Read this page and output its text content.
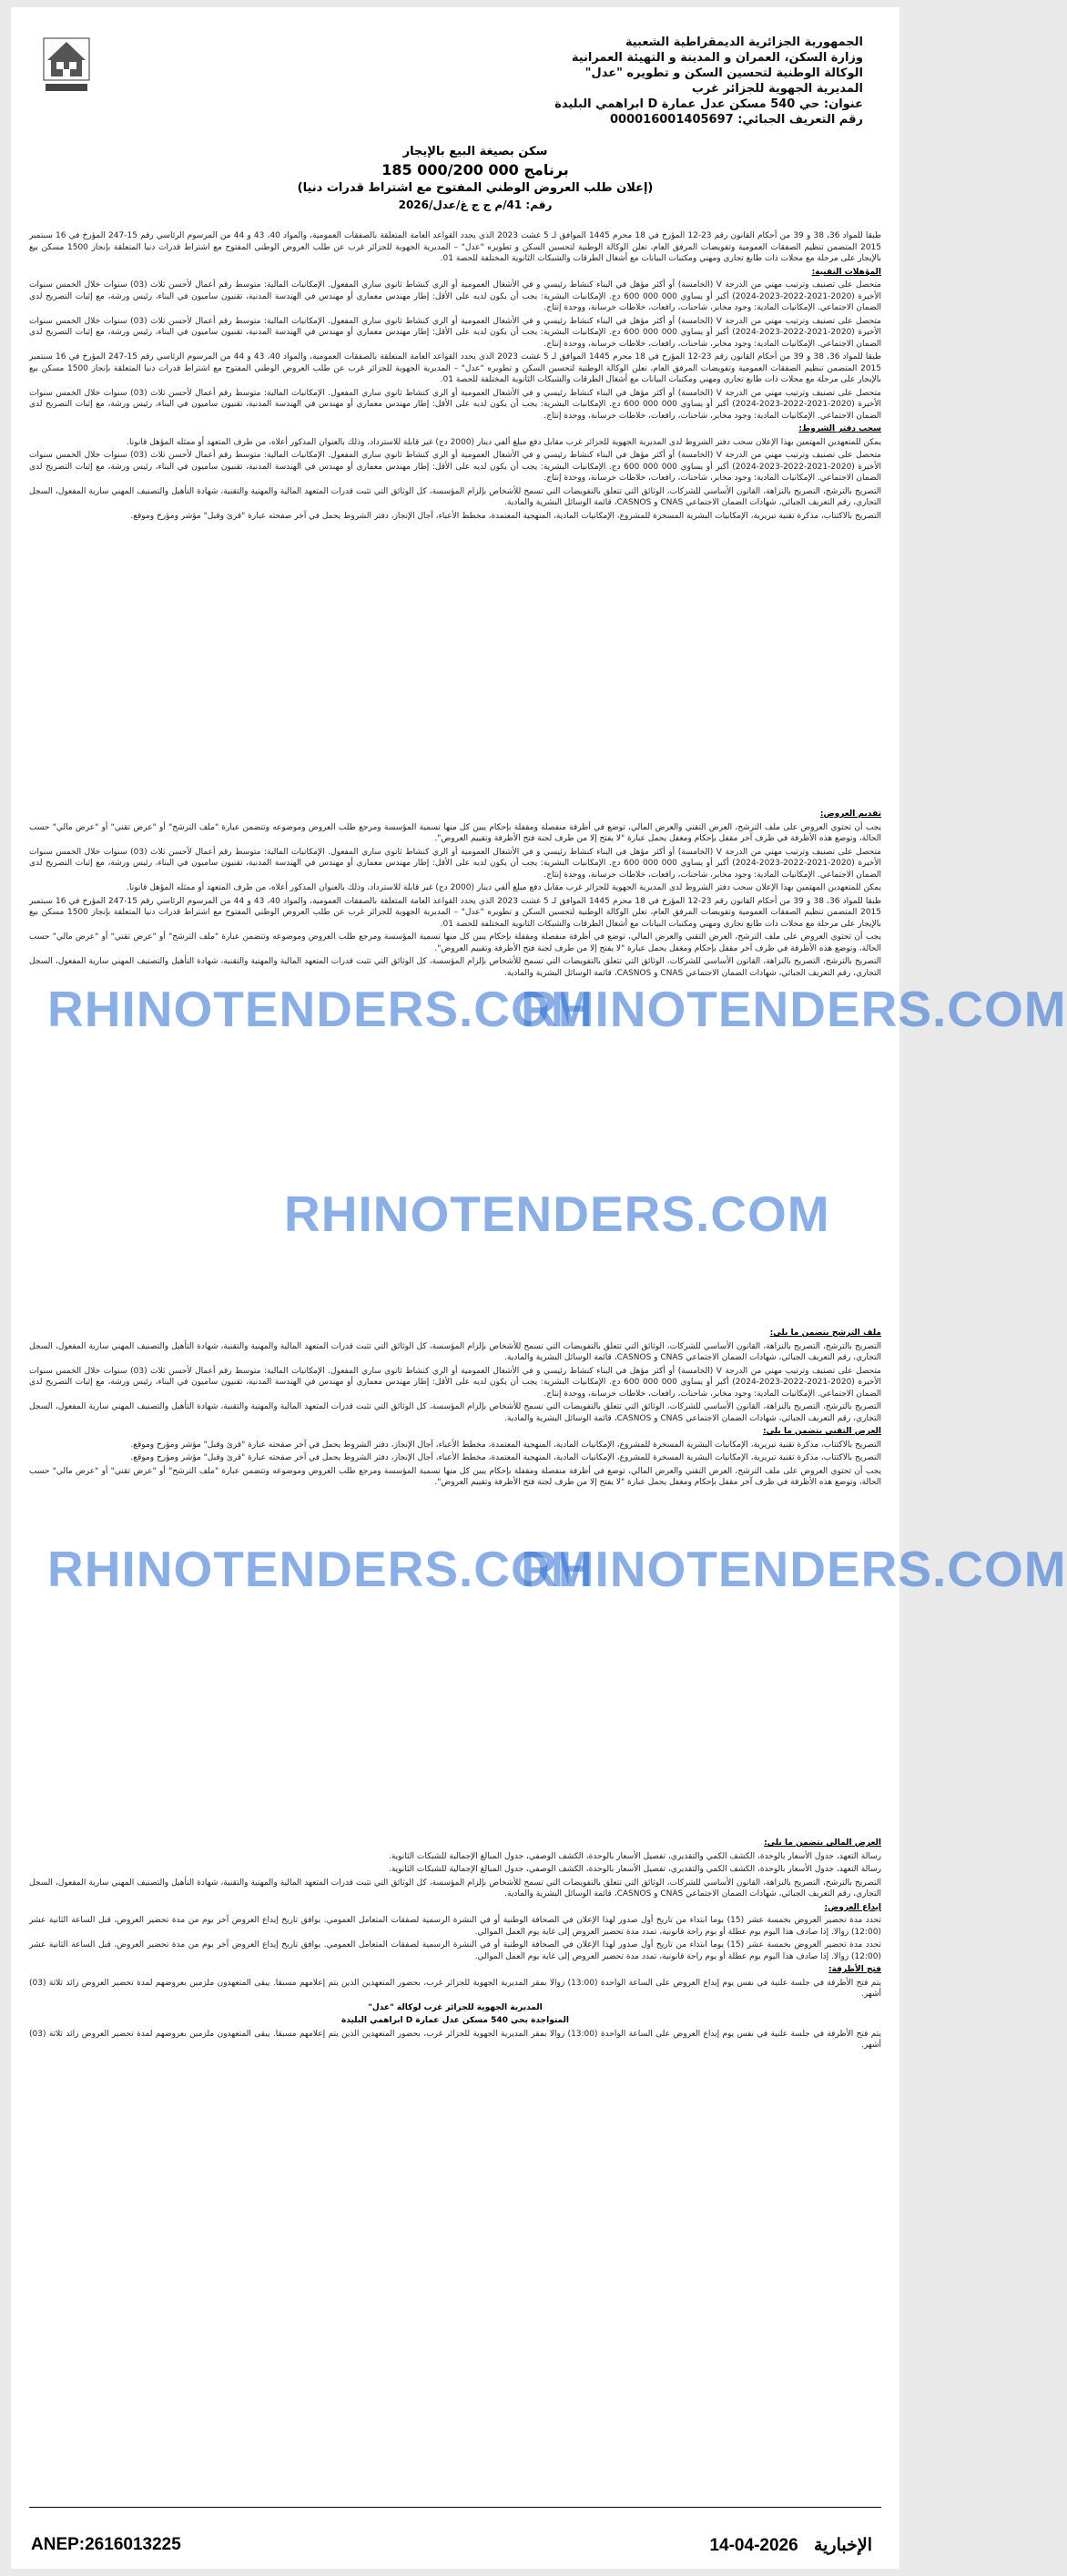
الجمهورية الجزائرية الديمقراطية الشعبية
وزارة السكن، العمران و المدينة و التهيئة العمرانية
الوكالة الوطنية لتحسين السكن و تطويره "عدل"
المديرية الجهوية للجزائر غرب
عنوان: حي 540 مسكن عدل عمارة D ابراهمي البليدة
رقم التعريف الجبائي: 000016001405697
سكن بصيغة البيع بالإيجار
برنامج 000 000/200 185
(إعلان طلب العروض الوطني المفتوح مع اشتراط قدرات دنيا)
رقم: 41/م ج ج غ/عدل/2026

طبقا للمواد 36، 38 و 39 من أحكام القانون رقم 23-12 المؤرخ في 18 محرم 1445 الموافق لـ 5 غشت 2023 الذي يحدد القواعد العامة المتعلقة بالصفقات العمومية، والمواد 40، 43 و 44 من المرسوم الرئاسي رقم 15-247 المؤرخ في 16 سبتمبر 2015 المتضمن تنظيم الصفقات العمومية وتفويضات المرفق العام، تعلن الوكالة الوطنية لتحسين السكن و تطويره "عدل" – المديرية الجهوية للجزائر غرب عن طلب العروض الوطني المفتوح مع اشتراط قدرات دنيا المتعلقة بإنجاز 1500 مسكن بيع بالإيجار على مرحلة مع محلات ذات طابع تجاري ومهني ومكتبات البيانات مع أشغال الطرقات والشبكات الثانوية المختلفة للحصة 01.

المؤهلات التقنية:

متحصل على تصنيف وترتيب مهني من الدرجة V (الخامسة) أو أكثر مؤهل في البناء كنشاط رئيسي و في الأشغال العمومية أو الري كنشاط ثانوي ساري المفعول. الإمكانيات المالية: متوسط رقم أعمال لأحسن ثلاث (03) سنوات خلال الخمس سنوات الأخيرة (2020-2021-2022-2023-2024) أكبر أو يساوي 000 000 600 دج. الإمكانيات البشرية: يجب أن يكون لديه على الأقل: إطار مهندس معماري أو مهندس في الهندسة المدنية، تقنيون ساميون في البناء، رئيس ورشة، مع إثبات التصريح لدى الضمان الاجتماعي. الإمكانيات المادية: وجود مخابر، شاحنات، رافعات، خلاطات خرسانة، ووحدة إنتاج.

متحصل على تصنيف وترتيب مهني من الدرجة V (الخامسة) أو أكثر مؤهل في البناء كنشاط رئيسي و في الأشغال العمومية أو الري كنشاط ثانوي ساري المفعول. الإمكانيات المالية: متوسط رقم أعمال لأحسن ثلاث (03) سنوات خلال الخمس سنوات الأخيرة (2020-2021-2022-2023-2024) أكبر أو يساوي 000 000 600 دج. الإمكانيات البشرية: يجب أن يكون لديه على الأقل: إطار مهندس معماري أو مهندس في الهندسة المدنية، تقنيون ساميون في البناء، رئيس ورشة، مع إثبات التصريح لدى الضمان الاجتماعي. الإمكانيات المادية: وجود مخابر، شاحنات، رافعات، خلاطات خرسانة، ووحدة إنتاج.

طبقا للمواد 36، 38 و 39 من أحكام القانون رقم 23-12 المؤرخ في 18 محرم 1445 الموافق لـ 5 غشت 2023 الذي يحدد القواعد العامة المتعلقة بالصفقات العمومية، والمواد 40، 43 و 44 من المرسوم الرئاسي رقم 15-247 المؤرخ في 16 سبتمبر 2015 المتضمن تنظيم الصفقات العمومية وتفويضات المرفق العام، تعلن الوكالة الوطنية لتحسين السكن و تطويره "عدل" – المديرية الجهوية للجزائر غرب عن طلب العروض الوطني المفتوح مع اشتراط قدرات دنيا المتعلقة بإنجاز 1500 مسكن بيع بالإيجار على مرحلة مع محلات ذات طابع تجاري ومهني ومكتبات البيانات مع أشغال الطرقات والشبكات الثانوية المختلفة للحصة 01.

متحصل على تصنيف وترتيب مهني من الدرجة V (الخامسة) أو أكثر مؤهل في البناء كنشاط رئيسي و في الأشغال العمومية أو الري كنشاط ثانوي ساري المفعول. الإمكانيات المالية: متوسط رقم أعمال لأحسن ثلاث (03) سنوات خلال الخمس سنوات الأخيرة (2020-2021-2022-2023-2024) أكبر أو يساوي 000 000 600 دج. الإمكانيات البشرية: يجب أن يكون لديه على الأقل: إطار مهندس معماري أو مهندس في الهندسة المدنية، تقنيون ساميون في البناء، رئيس ورشة، مع إثبات التصريح لدى الضمان الاجتماعي. الإمكانيات المادية: وجود مخابر، شاحنات، رافعات، خلاطات خرسانة، ووحدة إنتاج.

سحب دفتر الشروط:

يمكن للمتعهدين المهتمين بهذا الإعلان سحب دفتر الشروط لدى المديرية الجهوية للجزائر غرب مقابل دفع مبلغ ألفي دينار (2000 دج) غير قابلة للاسترداد، وذلك بالعنوان المذكور أعلاه، من طرف المتعهد أو ممثله المؤهل قانونا.

متحصل على تصنيف وترتيب مهني من الدرجة V (الخامسة) أو أكثر مؤهل في البناء كنشاط رئيسي و في الأشغال العمومية أو الري كنشاط ثانوي ساري المفعول. الإمكانيات المالية: متوسط رقم أعمال لأحسن ثلاث (03) سنوات خلال الخمس سنوات الأخيرة (2020-2021-2022-2023-2024) أكبر أو يساوي 000 000 600 دج. الإمكانيات البشرية: يجب أن يكون لديه على الأقل: إطار مهندس معماري أو مهندس في الهندسة المدنية، تقنيون ساميون في البناء، رئيس ورشة، مع إثبات التصريح لدى الضمان الاجتماعي. الإمكانيات المادية: وجود مخابر، شاحنات، رافعات، خلاطات خرسانة، ووحدة إنتاج.

التصريح بالترشح، التصريح بالنزاهة، القانون الأساسي للشركات، الوثائق التي تتعلق بالتفويضات التي تسمح للأشخاص بإلزام المؤسسة، كل الوثائق التي تثبت قدرات المتعهد المالية والمهنية والتقنية، شهادة التأهيل والتصنيف المهني سارية المفعول، السجل التجاري، رقم التعريف الجبائي، شهادات الضمان الاجتماعي CNAS و CASNOS، قائمة الوسائل البشرية والمادية.

التصريح بالاكتتاب، مذكرة تقنية تبريرية، الإمكانيات البشرية المسخرة للمشروع، الإمكانيات المادية، المنهجية المعتمدة، مخطط الأعباء، آجال الإنجاز، دفتر الشروط يحمل في آخر صفحته عبارة "قرئ وقبل" مؤشر ومؤرخ وموقع.

تقديم العروض:

يجب أن تحتوي العروض على ملف الترشح، العرض التقني والعرض المالي، توضع في أظرفة منفصلة ومقفلة بإحكام يبين كل منها تسمية المؤسسة ومرجع طلب العروض وموضوعه وتتضمن عبارة "ملف الترشح" أو "عرض تقني" أو "عرض مالي" حسب الحالة، وتوضع هذه الأظرفة في ظرف آخر مقفل بإحكام ومغفل يحمل عبارة "لا يفتح إلا من طرف لجنة فتح الأظرفة وتقييم العروض".

متحصل على تصنيف وترتيب مهني من الدرجة V (الخامسة) أو أكثر مؤهل في البناء كنشاط رئيسي و في الأشغال العمومية أو الري كنشاط ثانوي ساري المفعول. الإمكانيات المالية: متوسط رقم أعمال لأحسن ثلاث (03) سنوات خلال الخمس سنوات الأخيرة (2020-2021-2022-2023-2024) أكبر أو يساوي 000 000 600 دج. الإمكانيات البشرية: يجب أن يكون لديه على الأقل: إطار مهندس معماري أو مهندس في الهندسة المدنية، تقنيون ساميون في البناء، رئيس ورشة، مع إثبات التصريح لدى الضمان الاجتماعي. الإمكانيات المادية: وجود مخابر، شاحنات، رافعات، خلاطات خرسانة، ووحدة إنتاج.

يمكن للمتعهدين المهتمين بهذا الإعلان سحب دفتر الشروط لدى المديرية الجهوية للجزائر غرب مقابل دفع مبلغ ألفي دينار (2000 دج) غير قابلة للاسترداد، وذلك بالعنوان المذكور أعلاه، من طرف المتعهد أو ممثله المؤهل قانونا.

طبقا للمواد 36، 38 و 39 من أحكام القانون رقم 23-12 المؤرخ في 18 محرم 1445 الموافق لـ 5 غشت 2023 الذي يحدد القواعد العامة المتعلقة بالصفقات العمومية، والمواد 40، 43 و 44 من المرسوم الرئاسي رقم 15-247 المؤرخ في 16 سبتمبر 2015 المتضمن تنظيم الصفقات العمومية وتفويضات المرفق العام، تعلن الوكالة الوطنية لتحسين السكن و تطويره "عدل" – المديرية الجهوية للجزائر غرب عن طلب العروض الوطني المفتوح مع اشتراط قدرات دنيا المتعلقة بإنجاز 1500 مسكن بيع بالإيجار على مرحلة مع محلات ذات طابع تجاري ومهني ومكتبات البيانات مع أشغال الطرقات والشبكات الثانوية المختلفة للحصة 01.

يجب أن تحتوي العروض على ملف الترشح، العرض التقني والعرض المالي، توضع في أظرفة منفصلة ومقفلة بإحكام يبين كل منها تسمية المؤسسة ومرجع طلب العروض وموضوعه وتتضمن عبارة "ملف الترشح" أو "عرض تقني" أو "عرض مالي" حسب الحالة، وتوضع هذه الأظرفة في ظرف آخر مقفل بإحكام ومغفل يحمل عبارة "لا يفتح إلا من طرف لجنة فتح الأظرفة وتقييم العروض".

التصريح بالترشح، التصريح بالنزاهة، القانون الأساسي للشركات، الوثائق التي تتعلق بالتفويضات التي تسمح للأشخاص بإلزام المؤسسة، كل الوثائق التي تثبت قدرات المتعهد المالية والمهنية والتقنية، شهادة التأهيل والتصنيف المهني سارية المفعول، السجل التجاري، رقم التعريف الجبائي، شهادات الضمان الاجتماعي CNAS و CASNOS، قائمة الوسائل البشرية والمادية.

ملف الترشح يتضمن ما يلي:

التصريح بالترشح، التصريح بالنزاهة، القانون الأساسي للشركات، الوثائق التي تتعلق بالتفويضات التي تسمح للأشخاص بإلزام المؤسسة، كل الوثائق التي تثبت قدرات المتعهد المالية والمهنية والتقنية، شهادة التأهيل والتصنيف المهني سارية المفعول، السجل التجاري، رقم التعريف الجبائي، شهادات الضمان الاجتماعي CNAS و CASNOS، قائمة الوسائل البشرية والمادية.

متحصل على تصنيف وترتيب مهني من الدرجة V (الخامسة) أو أكثر مؤهل في البناء كنشاط رئيسي و في الأشغال العمومية أو الري كنشاط ثانوي ساري المفعول. الإمكانيات المالية: متوسط رقم أعمال لأحسن ثلاث (03) سنوات خلال الخمس سنوات الأخيرة (2020-2021-2022-2023-2024) أكبر أو يساوي 000 000 600 دج. الإمكانيات البشرية: يجب أن يكون لديه على الأقل: إطار مهندس معماري أو مهندس في الهندسة المدنية، تقنيون ساميون في البناء، رئيس ورشة، مع إثبات التصريح لدى الضمان الاجتماعي. الإمكانيات المادية: وجود مخابر، شاحنات، رافعات، خلاطات خرسانة، ووحدة إنتاج.

التصريح بالترشح، التصريح بالنزاهة، القانون الأساسي للشركات، الوثائق التي تتعلق بالتفويضات التي تسمح للأشخاص بإلزام المؤسسة، كل الوثائق التي تثبت قدرات المتعهد المالية والمهنية والتقنية، شهادة التأهيل والتصنيف المهني سارية المفعول، السجل التجاري، رقم التعريف الجبائي، شهادات الضمان الاجتماعي CNAS و CASNOS، قائمة الوسائل البشرية والمادية.

العرض التقني يتضمن ما يلي:

التصريح بالاكتتاب، مذكرة تقنية تبريرية، الإمكانيات البشرية المسخرة للمشروع، الإمكانيات المادية، المنهجية المعتمدة، مخطط الأعباء، آجال الإنجاز، دفتر الشروط يحمل في آخر صفحته عبارة "قرئ وقبل" مؤشر ومؤرخ وموقع.

التصريح بالاكتتاب، مذكرة تقنية تبريرية، الإمكانيات البشرية المسخرة للمشروع، الإمكانيات المادية، المنهجية المعتمدة، مخطط الأعباء، آجال الإنجاز، دفتر الشروط يحمل في آخر صفحته عبارة "قرئ وقبل" مؤشر ومؤرخ وموقع.

يجب أن تحتوي العروض على ملف الترشح، العرض التقني والعرض المالي، توضع في أظرفة منفصلة ومقفلة بإحكام يبين كل منها تسمية المؤسسة ومرجع طلب العروض وموضوعه وتتضمن عبارة "ملف الترشح" أو "عرض تقني" أو "عرض مالي" حسب الحالة، وتوضع هذه الأظرفة في ظرف آخر مقفل بإحكام ومغفل يحمل عبارة "لا يفتح إلا من طرف لجنة فتح الأظرفة وتقييم العروض".

العرض المالي يتضمن ما يلي:

رسالة التعهد، جدول الأسعار بالوحدة، الكشف الكمي والتقديري، تفصيل الأسعار بالوحدة، الكشف الوصفي، جدول المبالغ الإجمالية للشبكات الثانوية.

رسالة التعهد، جدول الأسعار بالوحدة، الكشف الكمي والتقديري، تفصيل الأسعار بالوحدة، الكشف الوصفي، جدول المبالغ الإجمالية للشبكات الثانوية.

التصريح بالترشح، التصريح بالنزاهة، القانون الأساسي للشركات، الوثائق التي تتعلق بالتفويضات التي تسمح للأشخاص بإلزام المؤسسة، كل الوثائق التي تثبت قدرات المتعهد المالية والمهنية والتقنية، شهادة التأهيل والتصنيف المهني سارية المفعول، السجل التجاري، رقم التعريف الجبائي، شهادات الضمان الاجتماعي CNAS و CASNOS، قائمة الوسائل البشرية والمادية.

إيداع العروض:

تحدد مدة تحضير العروض بخمسة عشر (15) يوما ابتداء من تاريخ أول صدور لهذا الإعلان في الصحافة الوطنية أو في النشرة الرسمية لصفقات المتعامل العمومي. يوافق تاريخ إيداع العروض آخر يوم من مدة تحضير العروض، قبل الساعة الثانية عشر (12:00) زوالا. إذا صادف هذا اليوم يوم عطلة أو يوم راحة قانونية، تمدد مدة تحضير العروض إلى غاية يوم العمل الموالي.

تحدد مدة تحضير العروض بخمسة عشر (15) يوما ابتداء من تاريخ أول صدور لهذا الإعلان في الصحافة الوطنية أو في النشرة الرسمية لصفقات المتعامل العمومي. يوافق تاريخ إيداع العروض آخر يوم من مدة تحضير العروض، قبل الساعة الثانية عشر (12:00) زوالا. إذا صادف هذا اليوم يوم عطلة أو يوم راحة قانونية، تمدد مدة تحضير العروض إلى غاية يوم العمل الموالي.

فتح الأظرفة:

يتم فتح الأظرفة في جلسة علنية في نفس يوم إيداع العروض على الساعة الواحدة (13:00) زوالا بمقر المديرية الجهوية للجزائر غرب، بحضور المتعهدين الذين يتم إعلامهم مسبقا. يبقى المتعهدون ملزمين بعروضهم لمدة تحضير العروض زائد ثلاثة (03) أشهر.

المديرية الجهوية للجزائر غرب لوكالة "عدل"

المتواجدة بحي 540 مسكن عدل عمارة D ابراهمي البليدة

يتم فتح الأظرفة في جلسة علنية في نفس يوم إيداع العروض على الساعة الواحدة (13:00) زوالا بمقر المديرية الجهوية للجزائر غرب، بحضور المتعهدين الذين يتم إعلامهم مسبقا. يبقى المتعهدون ملزمين بعروضهم لمدة تحضير العروض زائد ثلاثة (03) أشهر.

RHINOTENDERS.COM
RHINOTENDERS.COM
RHINOTENDERS.COM
RHINOTENDERS.COM
RHINOTENDERS.COM
ANEP:2616013225	الإخبارية 2026-04-14
